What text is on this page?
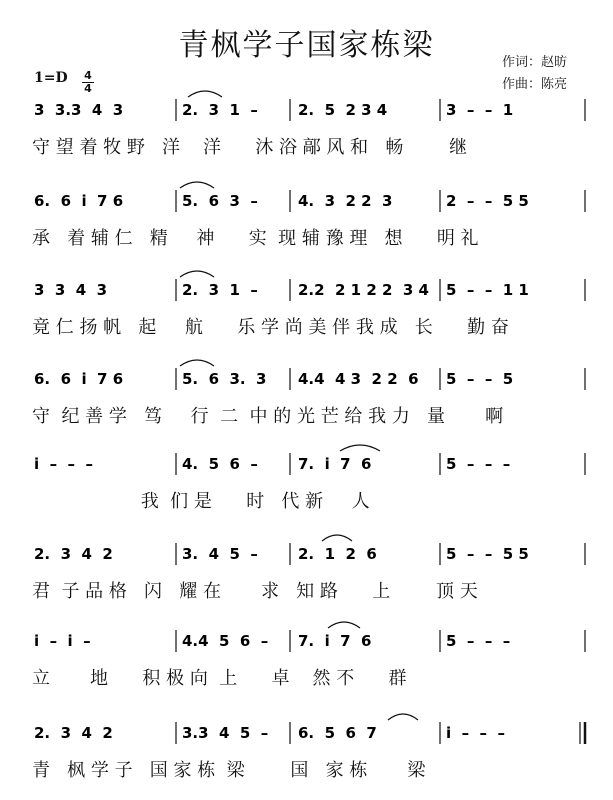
青枫学子国家栋梁	作词：赵昉
作曲：陈亮
1=D 4
4
3  3.3  4  3	2.  3  1  –	2.  5  2 3 4	3  –  –  1
6.  6  i  7 6	5.  6  3  –	4.  3  2 2  3	2  –  –  5 5
3  3  4  3	2.  3  1  –	2.2  2 1 2 2  3 4 5  –  –  1 1
6.  6  i  7 6	5.  6  3.  3 4.4  4 3  2 2  6 5  –  –  5
i  –  –  –	4.  5  6  –	7.  i  7  6	5  –  –  –
2.  3  4  2	3.  4  5  –	2.  1  2  6	5  –  –  5 5
i  –  i  –	4.4  5  6  – 7.  i  7  6	5  –  –  –
2.  3  4  2	3.3  4  5  – 6.  5  6  7	i  –  –  –
守 望 着 牧 野   洋    洋      沐 浴 鄗 风 和   畅        继
承   着 辅 仁   精     神      实  现 辅 豫 理   想      明 礼
竟 仁 扬 帆   起     航      乐 学 尚 美 伴 我 成   长      勤 奋
守  纪 善 学   笃     行  二  中 的 光 芒 给 我 力   量       啊
我  们 是      时   代 新     人
君  子 品 格   闪   耀 在       求   知 路      上        顶 天
立       地      积 极 向  上      卓    然 不      群
青   枫 学 子   国 家 栋  梁        国   家 栋       梁
